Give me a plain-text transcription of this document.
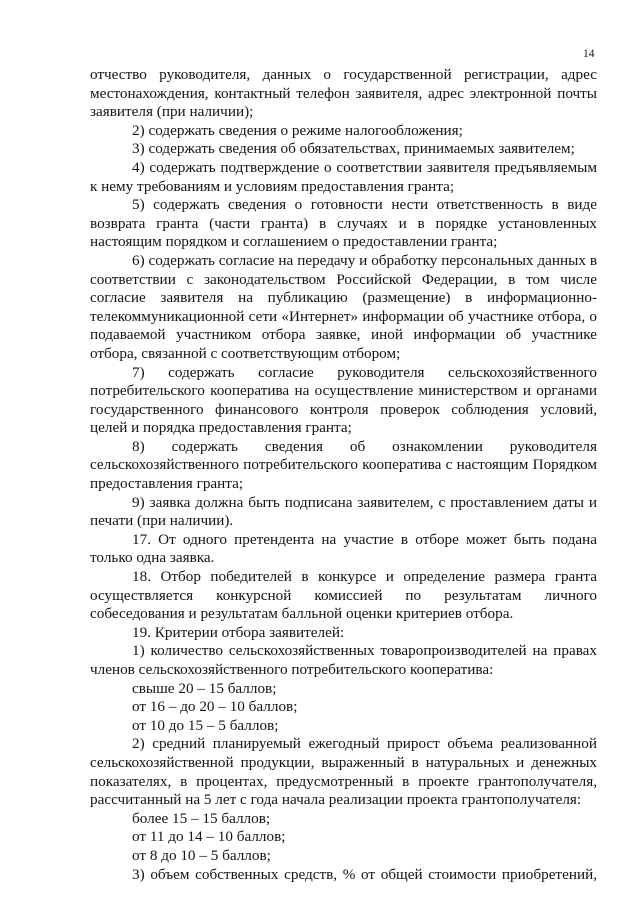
14

отчество руководителя, данных о государственной регистрации, адрес местонахождения, контактный телефон заявителя, адрес электронной почты заявителя (при наличии);

2) содержать сведения о режиме налогообложения;

3) содержать сведения об обязательствах, принимаемых заявителем;

4) содержать подтверждение о соответствии заявителя предъявляемым к нему требованиям и условиям предоставления гранта;

5) содержать сведения о готовности нести ответственность в виде возврата гранта (части гранта) в случаях и в порядке установленных настоящим порядком и соглашением о предоставлении гранта;

6) содержать согласие на передачу и обработку персональных данных в соответствии с законодательством Российской Федерации, в том числе согласие заявителя на публикацию (размещение) в информационно-телекоммуникационной сети «Интернет» информации об участнике отбора, о подаваемой участником отбора заявке, иной информации об участнике отбора, связанной с соответствующим отбором;

7) содержать согласие руководителя сельскохозяйственного потребительского кооператива на осуществление министерством и органами государственного финансового контроля проверок соблюдения условий, целей и порядка предоставления гранта;

8) содержать сведения об ознакомлении руководителя сельскохозяйственного потребительского кооператива с настоящим Порядком предоставления гранта;

9) заявка должна быть подписана заявителем, с проставлением даты и печати (при наличии).

17. От одного претендента на участие в отборе может быть подана только одна заявка.

18. Отбор победителей в конкурсе и определение размера гранта осуществляется конкурсной комиссией по результатам личного собеседования и результатам балльной оценки критериев отбора.

19. Критерии отбора заявителей:

1) количество сельскохозяйственных товаропроизводителей на правах членов сельскохозяйственного потребительского кооператива:

свыше 20 – 15 баллов;

от 16 – до 20 – 10 баллов;

от 10 до 15 – 5 баллов;

2) средний планируемый ежегодный прирост объема реализованной сельскохозяйственной продукции, выраженный в натуральных и денежных показателях, в процентах, предусмотренный в проекте грантополучателя, рассчитанный на 5 лет с года начала реализации проекта грантополучателя:

более 15 – 15 баллов;

от 11 до 14 – 10 баллов;

от 8 до 10 – 5 баллов;

3) объем собственных средств, % от общей стоимости приобретений,
